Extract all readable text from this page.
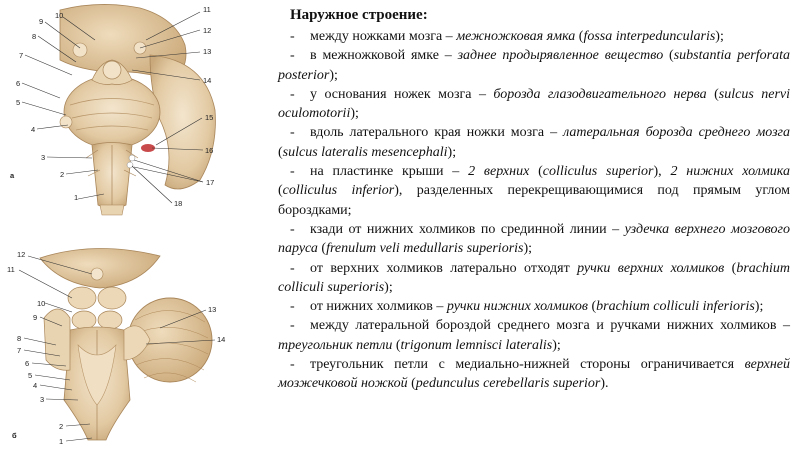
1
2
3
4
5
6
7
8
9
10
11
12
13
14
15
16
17
18
а
1
2
3
4
5
6
7
8
9
10
11
12
13
14
б
Наружное строение:
- между ножками мозга – межножковая ямка (fossa interpeduncularis);
- в межножковой ямке – заднее продырявленное вещество (substantia perforata posterior);
- у основания ножек мозга – борозда глазодвигательного нерва (sulcus nervi oculomotorii);
- вдоль латерального края ножки мозга – латеральная борозда среднего мозга (sulcus lateralis mesencephali);
- на пластинке крыши – 2 верхних (colliculus superior), 2 нижних холмика (colliculus inferior), разделенных перекрещивающимися под прямым углом бороздками;
- кзади от нижних холмиков по срединной линии – уздечка верхнего мозгового паруса (frenulum veli medullaris superioris);
- от верхних холмиков латерально отходят ручки верхних холмиков (brachium colliculi superioris);
- от нижних холмиков – ручки нижних холмиков (brachium colliculi inferioris);
- между латеральной бороздой среднего мозга и ручками нижних холмиков – треугольник петли (trigonum lemnisci lateralis);
- треугольник петли с медиально-нижней стороны ограничивается верхней мозжечковой ножкой (pedunculus cerebellaris superior).
